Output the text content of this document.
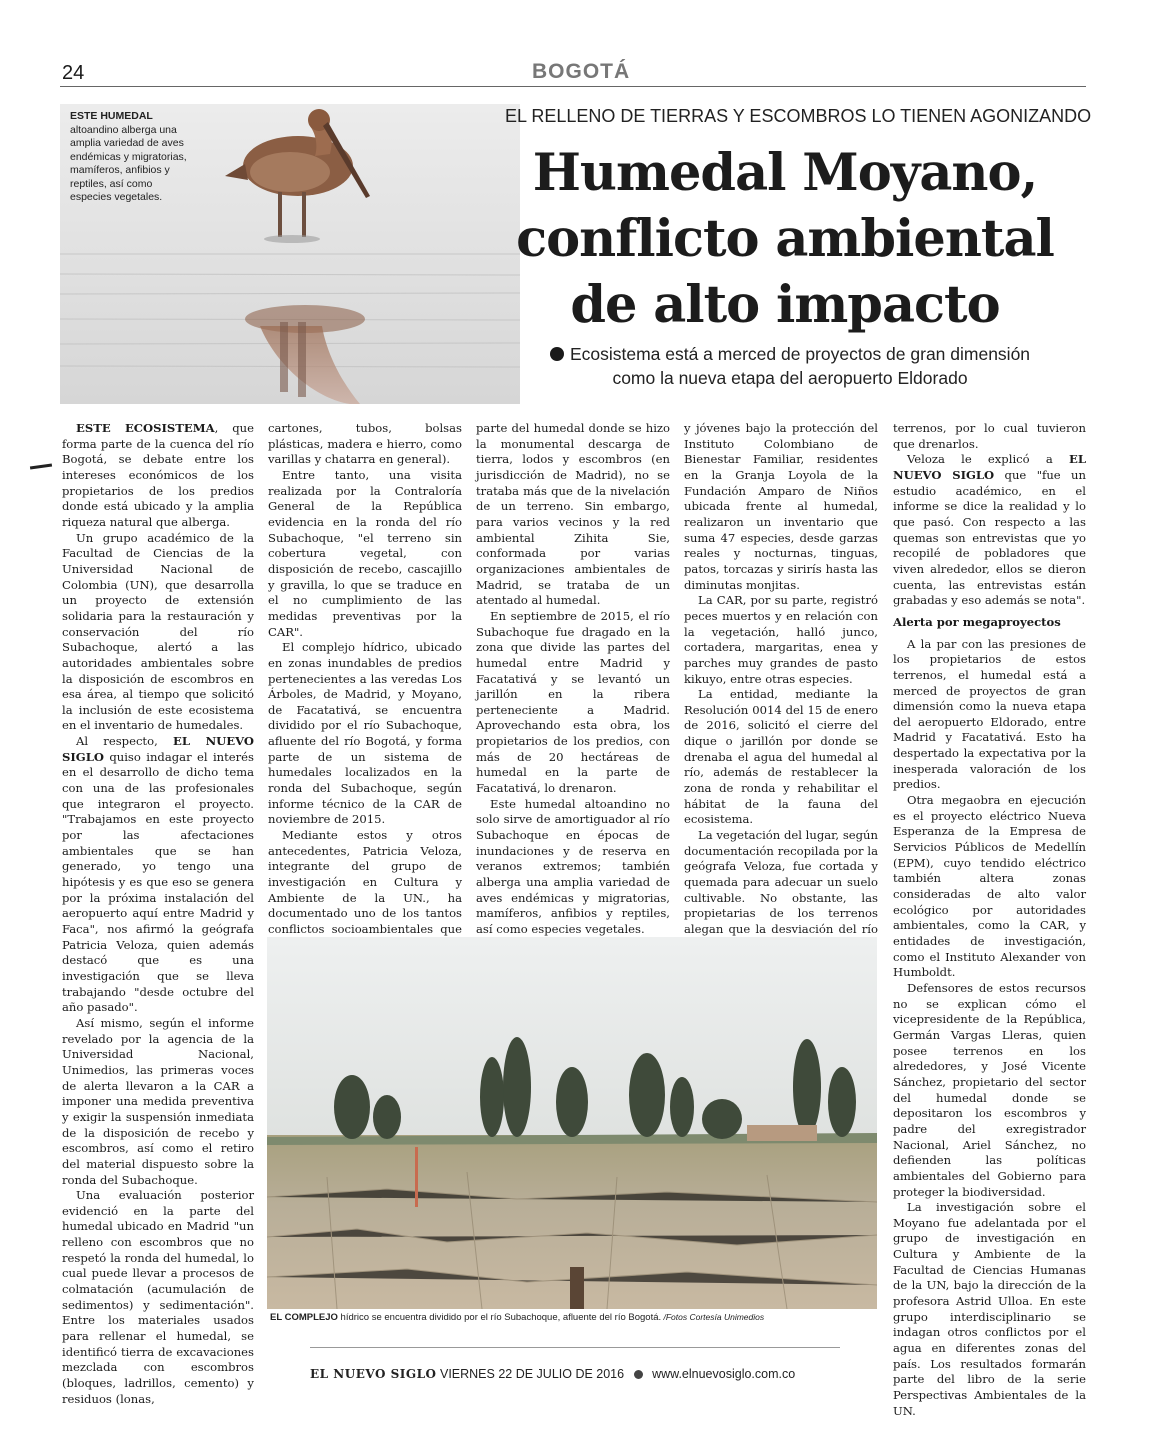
24	BOGOTÁ
ESTE HUMEDAL
altoandino alberga una amplia variedad de aves endémicas y migratorias, mamíferos, anfibios y reptiles, así como especies vegetales.
EL RELLENO DE TIERRAS Y ESCOMBROS LO TIENEN AGONIZANDO
Humedal Moyano,
conflicto ambiental
de alto impacto
Ecosistema está a merced de proyectos de gran dimensión
como la nueva etapa del aeropuerto Eldorado

ESTE ECOSISTEMA, que forma parte de la cuenca del río Bogotá, se debate entre los intereses económicos de los propietarios de los predios donde está ubicado y la amplia riqueza natural que alberga.

Un grupo académico de la Facultad de Ciencias de la Universidad Nacional de Colombia (UN), que desarrolla un proyecto de extensión solidaria para la restauración y conservación del río Subachoque, alertó a las autoridades ambientales sobre la disposición de escombros en esa área, al tiempo que solicitó la inclusión de este ecosistema en el inventario de humedales.

Al respecto, EL NUEVO SIGLO quiso indagar el interés en el desarrollo de dicho tema con una de las profesionales que integraron el proyecto. "Trabajamos en este proyecto por las afectaciones ambientales que se han generado, yo tengo una hipótesis y es que eso se genera por la próxima instalación del aeropuerto aquí entre Madrid y Faca", nos afirmó la geógrafa Patricia Veloza, quien además destacó que es una investigación que se lleva trabajando "desde octubre del año pasado".

Así mismo, según el informe revelado por la agencia de la Universidad Nacional, Unimedios, las primeras voces de alerta llevaron a la CAR a imponer una medida preventiva y exigir la suspensión inmediata de la disposición de recebo y escombros, así como el retiro del material dispuesto sobre la ronda del Subachoque.

Una evaluación posterior evidenció en la parte del humedal ubicado en Madrid "un relleno con escombros que no respetó la ronda del humedal, lo cual puede llevar a procesos de colmatación (acumulación de sedimentos) y sedimentación". Entre los materiales usados para rellenar el humedal, se identificó tierra de excavaciones mezclada con escombros (bloques, ladrillos, cemento) y residuos (lonas,

cartones, tubos, bolsas plásticas, madera e hierro, como varillas y chatarra en general).

Entre tanto, una visita realizada por la Contraloría General de la República evidencia en la ronda del río Subachoque, "el terreno sin cobertura vegetal, con disposición de recebo, cascajillo y gravilla, lo que se traduce en el no cumplimiento de las medidas preventivas por la CAR".

El complejo hídrico, ubicado en zonas inundables de predios pertenecientes a las veredas Los Árboles, de Madrid, y Moyano, de Facatativá, se encuentra dividido por el río Subachoque, afluente del río Bogotá, y forma parte de un sistema de humedales localizados en la ronda del Subachoque, según informe técnico de la CAR de noviembre de 2015.

Mediante estos y otros antecedentes, Patricia Veloza, integrante del grupo de investigación en Cultura y Ambiente de la UN., ha documentado uno de los tantos conflictos socioambientales que

parte del humedal donde se hizo la monumental descarga de tierra, lodos y escombros (en jurisdicción de Madrid), no se trataba más que de la nivelación de un terreno. Sin embargo, para varios vecinos y la red ambiental Zihita Sie, conformada por varias organizaciones ambientales de Madrid, se trataba de un atentado al humedal.

En septiembre de 2015, el río Subachoque fue dragado en la zona que divide las partes del humedal entre Madrid y Facatativá y se levantó un jarillón en la ribera perteneciente a Madrid. Aprovechando esta obra, los propietarios de los predios, con más de 20 hectáreas de humedal en la parte de Facatativá, lo drenaron.

Este humedal altoandino no solo sirve de amortiguador al río Subachoque en épocas de inundaciones y de reserva en veranos extremos; también alberga una amplia variedad de aves endémicas y migratorias, mamíferos, anfibios y reptiles, así como especies vegetales.

y jóvenes bajo la protección del Instituto Colombiano de Bienestar Familiar, residentes en la Granja Loyola de la Fundación Amparo de Niños ubicada frente al humedal, realizaron un inventario que suma 47 especies, desde garzas reales y nocturnas, tinguas, patos, torcazas y sirirís hasta las diminutas monjitas.

La CAR, por su parte, registró peces muertos y en relación con la vegetación, halló junco, cortadera, margaritas, enea y parches muy grandes de pasto kikuyo, entre otras especies.

La entidad, mediante la Resolución 0014 del 15 de enero de 2016, solicitó el cierre del dique o jarillón por donde se drenaba el agua del humedal al río, además de restablecer la zona de ronda y rehabilitar el hábitat de la fauna del ecosistema.

La vegetación del lugar, según documentación recopilada por la geógrafa Veloza, fue cortada y quemada para adecuar un suelo cultivable. No obstante, las propietarias de los terrenos alegan que la desviación del río

terrenos, por lo cual tuvieron que drenarlos.

Veloza le explicó a EL NUEVO SIGLO que "fue un estudio académico, en el informe se dice la realidad y lo que pasó. Con respecto a las quemas son entrevistas que yo recopilé de pobladores que viven alrededor, ellos se dieron cuenta, las entrevistas están grabadas y eso además se nota".

Alerta por megaproyectos

A la par con las presiones de los propietarios de estos terrenos, el humedal está a merced de proyectos de gran dimensión como la nueva etapa del aeropuerto Eldorado, entre Madrid y Facatativá. Esto ha despertado la expectativa por la inesperada valoración de los predios.

Otra megaobra en ejecución es el proyecto eléctrico Nueva Esperanza de la Empresa de Servicios Públicos de Medellín (EPM), cuyo tendido eléctrico también altera zonas consideradas de alto valor ecológico por autoridades ambientales, como la CAR, y entidades de investigación, como el Instituto Alexander von Humboldt.

Defensores de estos recursos no se explican cómo el vicepresidente de la República, Germán Vargas Lleras, quien posee terrenos en los alrededores, y José Vicente Sánchez, propietario del sector del humedal donde se depositaron los escombros y padre del exregistrador Nacional, Ariel Sánchez, no defienden las políticas ambientales del Gobierno para proteger la biodiversidad.

La investigación sobre el Moyano fue adelantada por el grupo de investigación en Cultura y Ambiente de la Facultad de Ciencias Humanas de la UN, bajo la dirección de la profesora Astrid Ulloa. En este grupo interdisciplinario se indagan otros conflictos por el agua en diferentes zonas del país. Los resultados formarán parte del libro de la serie Perspectivas Ambientales de la UN.

EL COMPLEJO hídrico se encuentra dividido por el río Subachoque, afluente del río Bogotá. /Fotos Cortesía Unimedios
EL NUEVO SIGLO VIERNES 22 DE JULIO DE 2016 www.elnuevosiglo.com.co
